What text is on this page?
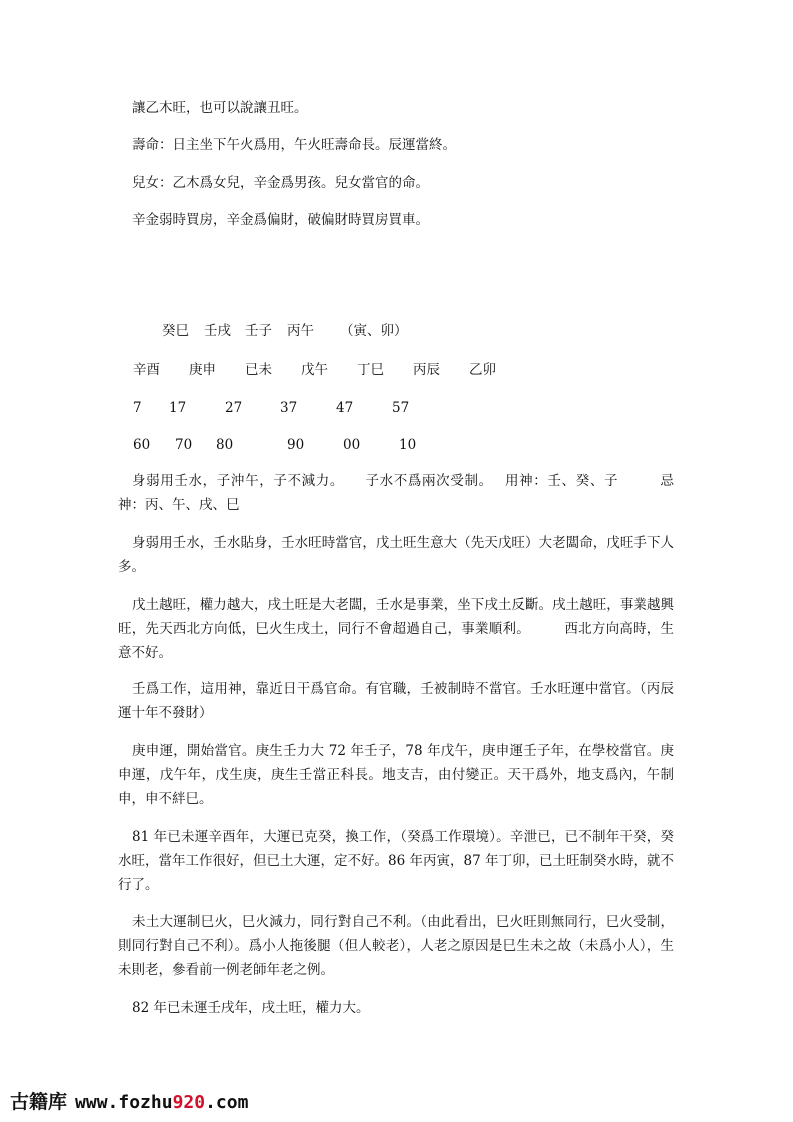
讓乙木旺，也可以說讓丑旺。

壽命：日主坐下午火爲用，午火旺壽命長。辰運當終。

兒女：乙木爲女兒，辛金爲男孩。兒女當官的命。

辛金弱時買房，辛金爲偏財，破偏財時買房買車。

癸巳 壬戌 壬子 丙午 （寅、卯）
辛酉 庚申 已未 戊午 丁巳 丙辰 乙卯
7 17	27	37	47	57
60 70 80	90	00	10

身弱用壬水，子沖午，子不減力。　　子水不爲兩次受制。　 用神：壬、癸、子　　　忌神：丙、午、戌、巳

身弱用壬水，壬水貼身，壬水旺時當官，戊土旺生意大（先天戊旺）大老闆命，戊旺手下人多。

戊土越旺，權力越大，戌土旺是大老闆，壬水是事業，坐下戌土反斷。戌土越旺，事業越興旺，先天西北方向低，巳火生戌土，同行不會超過自己，事業順利。　　　西北方向高時，生意不好。

壬爲工作，這用神，靠近日干爲官命。有官職，壬被制時不當官。壬水旺運中當官。（丙辰運十年不發財）

庚申運，開始當官。庚生壬力大 72 年壬子，78 年戊午，庚申運壬子年，在學校當官。庚申運，戊午年，戊生庚，庚生壬當正科長。地支吉，由付變正。天干爲外，地支爲內，午制申，申不絆巳。

81 年已未運辛酉年，大運已克癸，換工作，（癸爲工作環境）。辛泄已，已不制年干癸，癸水旺，當年工作很好，但已土大運，定不好。86 年丙寅，87 年丁卯，已土旺制癸水時，就不行了。

未土大運制巳火，巳火減力，同行對自己不利。（由此看出，巳火旺則無同行，巳火受制，則同行對自己不利）。爲小人拖後腿（但人較老），人老之原因是巳生未之故（未爲小人），生未則老，參看前一例老師年老之例。

82 年已未運壬戌年，戌土旺，權力大。

古籍库 www.fozhu920.com
